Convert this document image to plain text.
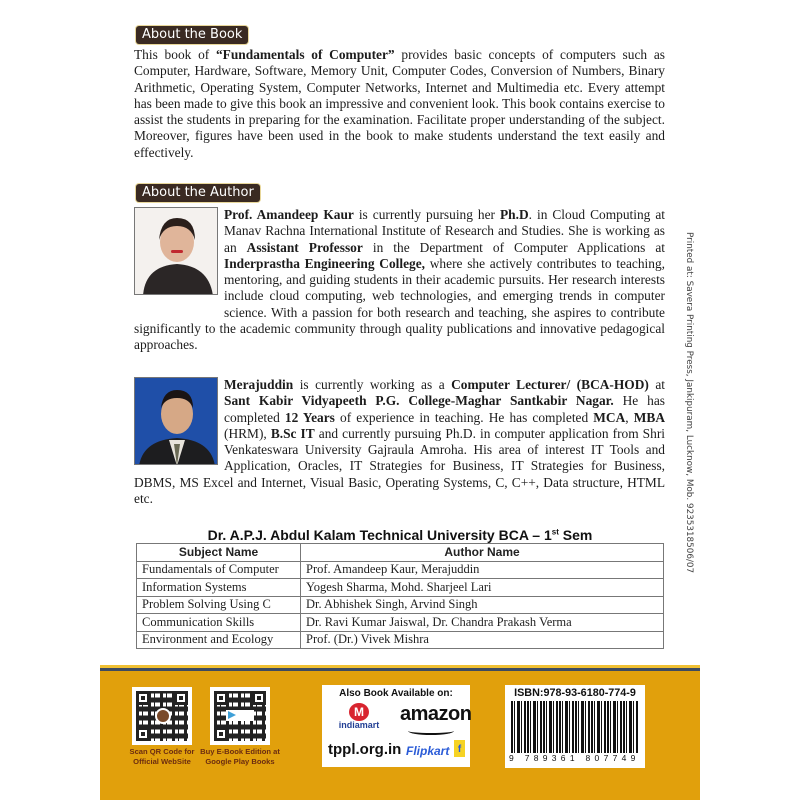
About the Book

This book of “Fundamentals of Computer” provides basic concepts of computers such as Computer, Hardware, Software, Memory Unit, Computer Codes, Conversion of Numbers, Binary Arithmetic, Operating System, Computer Networks, Internet and Multimedia etc. Every attempt has been made to give this book an impressive and convenient look. This book contains exercise to assist the students in preparing for the examination. Facilitate proper understanding of the subject. Moreover, figures have been used in the book to make students understand the text easily and effectively.

About the Author

Prof. Amandeep Kaur is currently pursuing her Ph.D. in Cloud Computing at Manav Rachna International Institute of Research and Studies. She is working as an Assistant Professor in the Department of Computer Applications at Inderprastha Engineering College, where she actively contributes to teaching, mentoring, and guiding students in their academic pursuits. Her research interests include cloud computing, web technologies, and emerging trends in computer science. With a passion for both research and teaching, she aspires to contribute significantly to the academic community through quality publications and innovative pedagogical approaches.

Merajuddin is currently working as a Computer Lecturer/ (BCA-HOD) at Sant Kabir Vidyapeeth P.G. College-Maghar Santkabir Nagar. He has completed 12 Years of experience in teaching. He has completed MCA, MBA (HRM), B.Sc IT and currently pursuing Ph.D. in computer application from Shri Venkateswara University Gajraula Amroha. His area of interest IT Tools and Application, Oracles, IT Strategies for Business, IT Strategies for Business, DBMS, MS Excel and Internet, Visual Basic, Operating Systems, C, C++, Data structure, HTML etc.

Dr. A.P.J. Abdul Kalam Technical University BCA – 1st Sem
Subject Name	Author Name
Fundamentals of Computer	Prof. Amandeep Kaur, Merajuddin
Information Systems	Yogesh Sharma, Mohd. Sharjeel Lari
Problem Solving Using C	Dr. Abhishek Singh, Arvind Singh
Communication Skills	Dr. Ravi Kumar Jaiswal, Dr. Chandra Prakash Verma
Environment and Ecology	Prof. (Dr.) Vivek Mishra
Printed at: Savera Printing Press, Jankipuram, Lucknow, Mob. 9235318506/07
Scan QR Code for
Official WebSite
Buy E-Book Edition at
Google Play Books
Also Book Available on:
M
indiamart amazon
tppl.org.in Flipkart f
ISBN:978-93-6180-774-9
9 789361 807749
